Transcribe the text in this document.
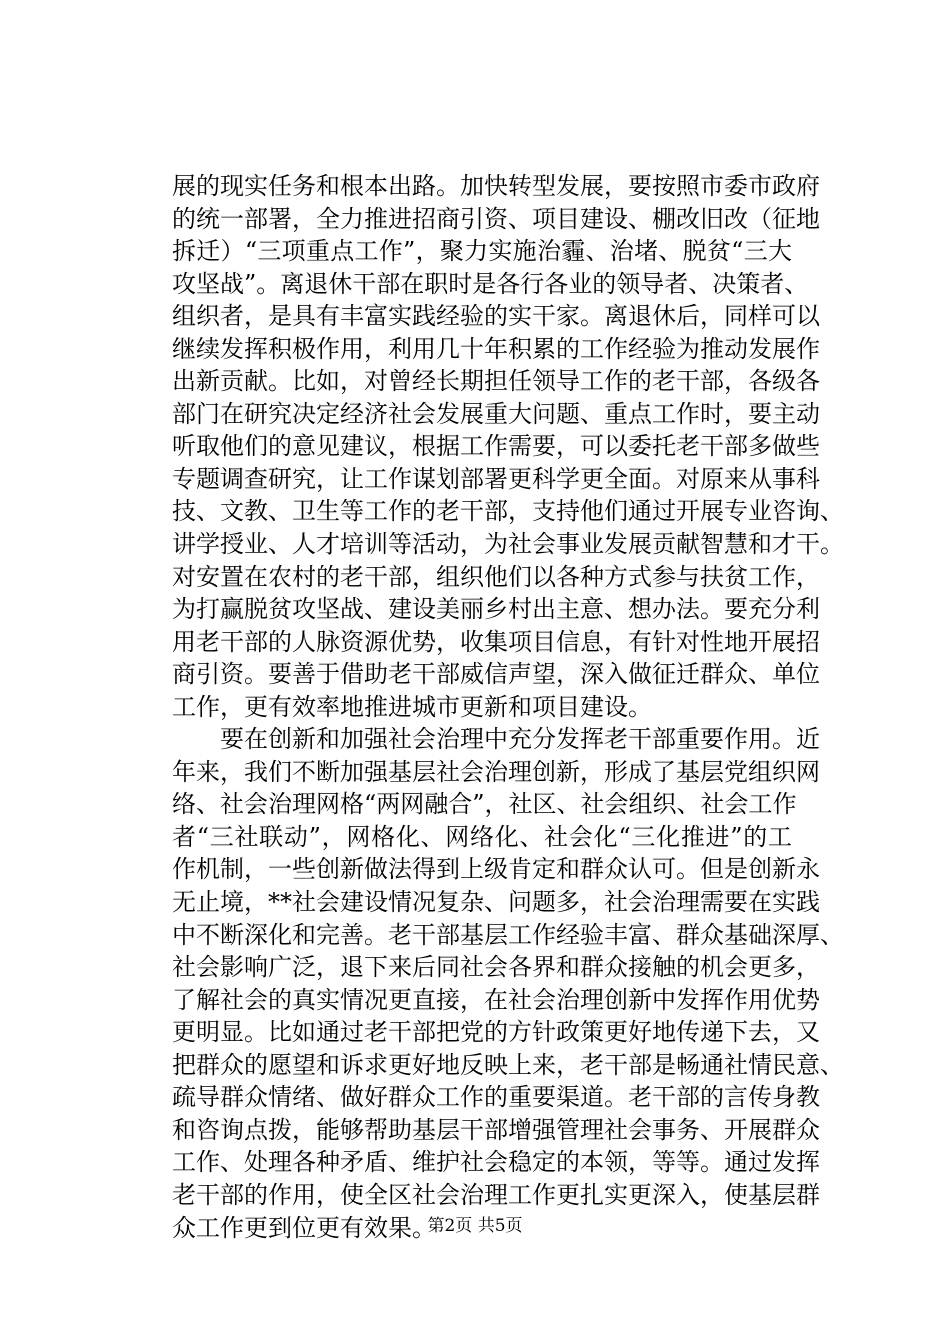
展的现实任务和根本出路。加快转型发展，要按照市委市政府
的统一部署，全力推进招商引资、项目建设、棚改旧改（征地
拆迁）“三项重点工作”，聚力实施治霾、治堵、脱贫“三大
攻坚战”。离退休干部在职时是各行各业的领导者、决策者、
组织者，是具有丰富实践经验的实干家。离退休后，同样可以
继续发挥积极作用，利用几十年积累的工作经验为推动发展作
出新贡献。比如，对曾经长期担任领导工作的老干部，各级各
部门在研究决定经济社会发展重大问题、重点工作时，要主动
听取他们的意见建议，根据工作需要，可以委托老干部多做些
专题调查研究，让工作谋划部署更科学更全面。对原来从事科
技、文教、卫生等工作的老干部，支持他们通过开展专业咨询、
讲学授业、人才培训等活动，为社会事业发展贡献智慧和才干。
对安置在农村的老干部，组织他们以各种方式参与扶贫工作，
为打赢脱贫攻坚战、建设美丽乡村出主意、想办法。要充分利
用老干部的人脉资源优势，收集项目信息，有针对性地开展招
商引资。要善于借助老干部威信声望，深入做征迁群众、单位
工作，更有效率地推进城市更新和项目建设。
要在创新和加强社会治理中充分发挥老干部重要作用。近
年来，我们不断加强基层社会治理创新，形成了基层党组织网
络、社会治理网格“两网融合”，社区、社会组织、社会工作
者“三社联动”，网格化、网络化、社会化“三化推进”的工
作机制，一些创新做法得到上级肯定和群众认可。但是创新永
无止境，**社会建设情况复杂、问题多，社会治理需要在实践
中不断深化和完善。老干部基层工作经验丰富、群众基础深厚、
社会影响广泛，退下来后同社会各界和群众接触的机会更多，
了解社会的真实情况更直接，在社会治理创新中发挥作用优势
更明显。比如通过老干部把党的方针政策更好地传递下去，又
把群众的愿望和诉求更好地反映上来，老干部是畅通社情民意、
疏导群众情绪、做好群众工作的重要渠道。老干部的言传身教
和咨询点拨，能够帮助基层干部增强管理社会事务、开展群众
工作、处理各种矛盾、维护社会稳定的本领，等等。通过发挥
老干部的作用，使全区社会治理工作更扎实更深入，使基层群
众工作更到位更有效果。
第2页 共5页
